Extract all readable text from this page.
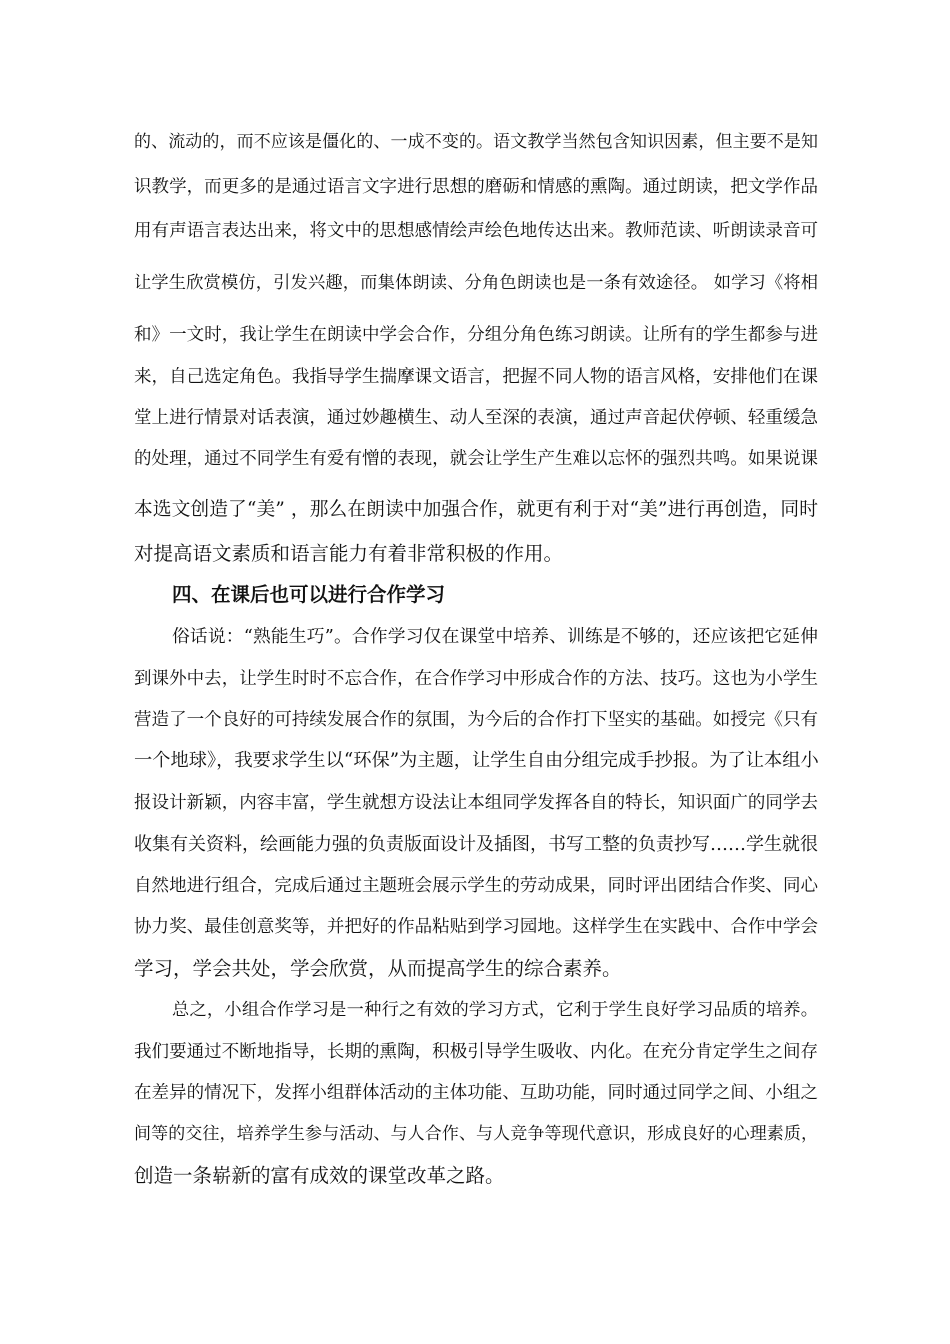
的、流动的，而不应该是僵化的、一成不变的。语文教学当然包含知识因素，但主要不是知
识教学，而更多的是通过语言文字进行思想的磨砺和情感的熏陶。通过朗读，把文学作品
用有声语言表达出来，将文中的思想感情绘声绘色地传达出来。教师范读、听朗读录音可
让学生欣赏模仿，引发兴趣，而集体朗读、分角色朗读也是一条有效途径。 如学习《将相
和》一文时，我让学生在朗读中学会合作，分组分角色练习朗读。让所有的学生都参与进
来，自己选定角色。我指导学生揣摩课文语言，把握不同人物的语言风格，安排他们在课
堂上进行情景对话表演，通过妙趣横生、动人至深的表演，通过声音起伏停顿、轻重缓急
的处理，通过不同学生有爱有憎的表现，就会让学生产生难以忘怀的强烈共鸣。如果说课
本选文创造了“美” ，那么在朗读中加强合作，就更有利于对“美”进行再创造，同时
对提高语文素质和语言能力有着非常积极的作用。
四、在课后也可以进行合作学习
俗话说：“熟能生巧”。合作学习仅在课堂中培养、训练是不够的，还应该把它延伸
到课外中去，让学生时时不忘合作，在合作学习中形成合作的方法、技巧。这也为小学生
营造了一个良好的可持续发展合作的氛围，为今后的合作打下坚实的基础。如授完《只有
一个地球》，我要求学生以“环保”为主题，让学生自由分组完成手抄报。为了让本组小
报设计新颖，内容丰富，学生就想方设法让本组同学发挥各自的特长，知识面广的同学去
收集有关资料，绘画能力强的负责版面设计及插图，书写工整的负责抄写……学生就很
自然地进行组合，完成后通过主题班会展示学生的劳动成果，同时评出团结合作奖、同心
协力奖、最佳创意奖等，并把好的作品粘贴到学习园地。这样学生在实践中、合作中学会
学习，学会共处，学会欣赏，从而提高学生的综合素养。
总之，小组合作学习是一种行之有效的学习方式，它利于学生良好学习品质的培养。
我们要通过不断地指导，长期的熏陶，积极引导学生吸收、内化。在充分肯定学生之间存
在差异的情况下，发挥小组群体活动的主体功能、互助功能，同时通过同学之间、小组之
间等的交往，培养学生参与活动、与人合作、与人竞争等现代意识，形成良好的心理素质，
创造一条崭新的富有成效的课堂改革之路。
